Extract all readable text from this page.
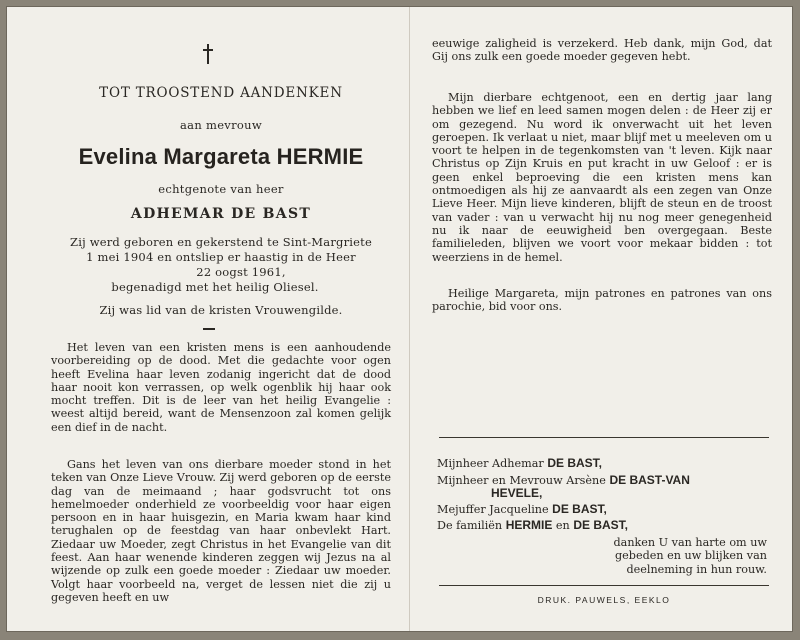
TOT TROOSTEND AANDENKEN
aan mevrouw
Evelina Margareta HERMIE
echtgenote van heer
ADHEMAR DE BAST
Zij werd geboren en gekerstend te Sint-Margriete
1 mei 1904 en ontsliep er haastig in de Heer
22 oogst 1961,
begenadigd met het heilig Oliesel.
Zij was lid van de kristen Vrouwengilde.
Het leven van een kristen mens is een aanhoudende voorbereiding op de dood. Met die gedachte voor ogen heeft Evelina haar leven zodanig ingericht dat de dood haar nooit kon verrassen, op welk ogenblik hij haar ook mocht treffen. Dit is de leer van het heilig Evangelie : weest altijd bereid, want de Mensenzoon zal komen gelijk een dief in de nacht.
Gans het leven van ons dierbare moeder stond in het teken van Onze Lieve Vrouw. Zij werd geboren op de eerste dag van de meimaand ; haar godsvrucht tot ons hemelmoeder onderhield ze voorbeeldig voor haar eigen persoon en in haar huisgezin, en Maria kwam haar kind terughalen op de feestdag van haar onbevlekt Hart. Ziedaar uw Moeder, zegt Christus in het Evangelie van dit feest. Aan haar wenende kinderen zeggen wij Jezus na al wijzende op zulk een goede moeder : Ziedaar uw moeder. Volgt haar voorbeeld na, verget de lessen niet die zij u gegeven heeft en uw
eeuwige zaligheid is verzekerd. Heb dank, mijn God, dat Gij ons zulk een goede moeder gegeven hebt.
Mijn dierbare echtgenoot, een en dertig jaar lang hebben we lief en leed samen mogen delen : de Heer zij er om gezegend. Nu word ik onverwacht uit het leven geroepen. Ik verlaat u niet, maar blijf met u meeleven om u voort te helpen in de tegenkomsten van 't leven. Kijk naar Christus op Zijn Kruis en put kracht in uw Geloof : er is geen enkel beproeving die een kristen mens kan ontmoedigen als hij ze aanvaardt als een zegen van Onze Lieve Heer. Mijn lieve kinderen, blijft de steun en de troost van vader : van u verwacht hij nu nog meer genegenheid nu ik naar de eeuwigheid ben overgegaan. Beste familieleden, blijven we voort voor mekaar bidden : tot weerziens in de hemel.
Heilige Margareta, mijn patrones en patrones van ons parochie, bid voor ons.
Mijnheer Adhemar DE BAST,
Mijnheer en Mevrouw Arsène DE BAST-VAN
HEVELE,
Mejuffer Jacqueline DE BAST,
De familiën HERMIE en DE BAST,
danken U van harte om uw gebeden en uw blijken van deelneming in hun rouw.
DRUK. PAUWELS, EEKLO
